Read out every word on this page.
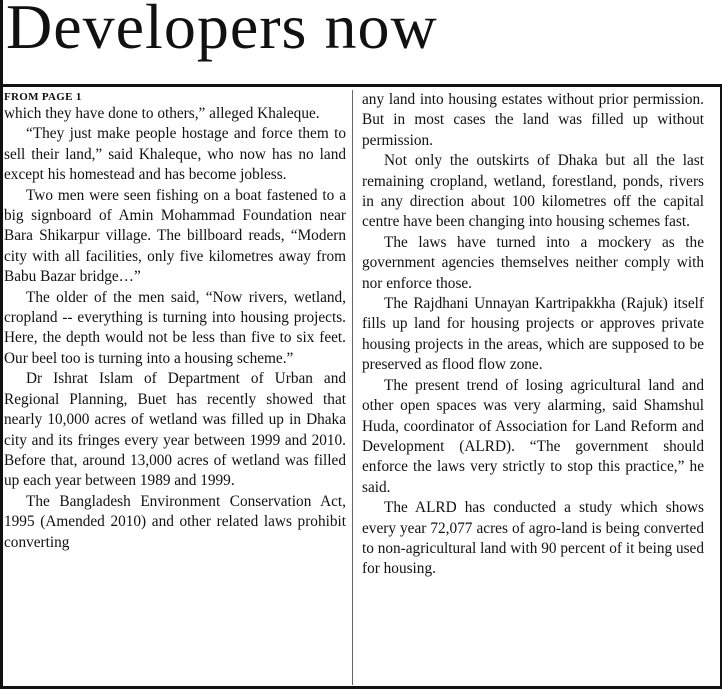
Developers now

FROM PAGE 1

which they have done to others,” alleged Khaleque.

“They just make people hostage and force them to sell their land,” said Khaleque, who now has no land except his homestead and has become jobless.

Two men were seen fishing on a boat fastened to a big signboard of Amin Mohammad Foundation near Bara Shikarpur village. The billboard reads, “Modern city with all facilities, only five kilometres away from Babu Bazar bridge…”

The older of the men said, “Now rivers, wetland, cropland -- everything is turning into housing projects. Here, the depth would not be less than five to six feet. Our beel too is turning into a housing scheme.”

Dr Ishrat Islam of Department of Urban and Regional Planning, Buet has recently showed that nearly 10,000 acres of wetland was filled up in Dhaka city and its fringes every year between 1999 and 2010. Before that, around 13,000 acres of wetland was filled up each year between 1989 and 1999.

The Bangladesh Environment Conservation Act, 1995 (Amended 2010) and other related laws prohibit converting

any land into housing estates without prior permission. But in most cases the land was filled up without permission.

Not only the outskirts of Dhaka but all the last remaining cropland, wetland, forestland, ponds, rivers in any direction about 100 kilometres off the capital centre have been changing into housing schemes fast.

The laws have turned into a mockery as the government agencies themselves neither comply with nor enforce those.

The Rajdhani Unnayan Kartripakkha (Rajuk) itself fills up land for housing projects or approves private housing projects in the areas, which are supposed to be preserved as flood flow zone.

The present trend of losing agricultural land and other open spaces was very alarming, said Shamshul Huda, coordinator of Association for Land Reform and Development (ALRD). “The government should enforce the laws very strictly to stop this practice,” he said.

The ALRD has conducted a study which shows every year 72,077 acres of agro-land is being converted to non-agricultural land with 90 percent of it being used for housing.
